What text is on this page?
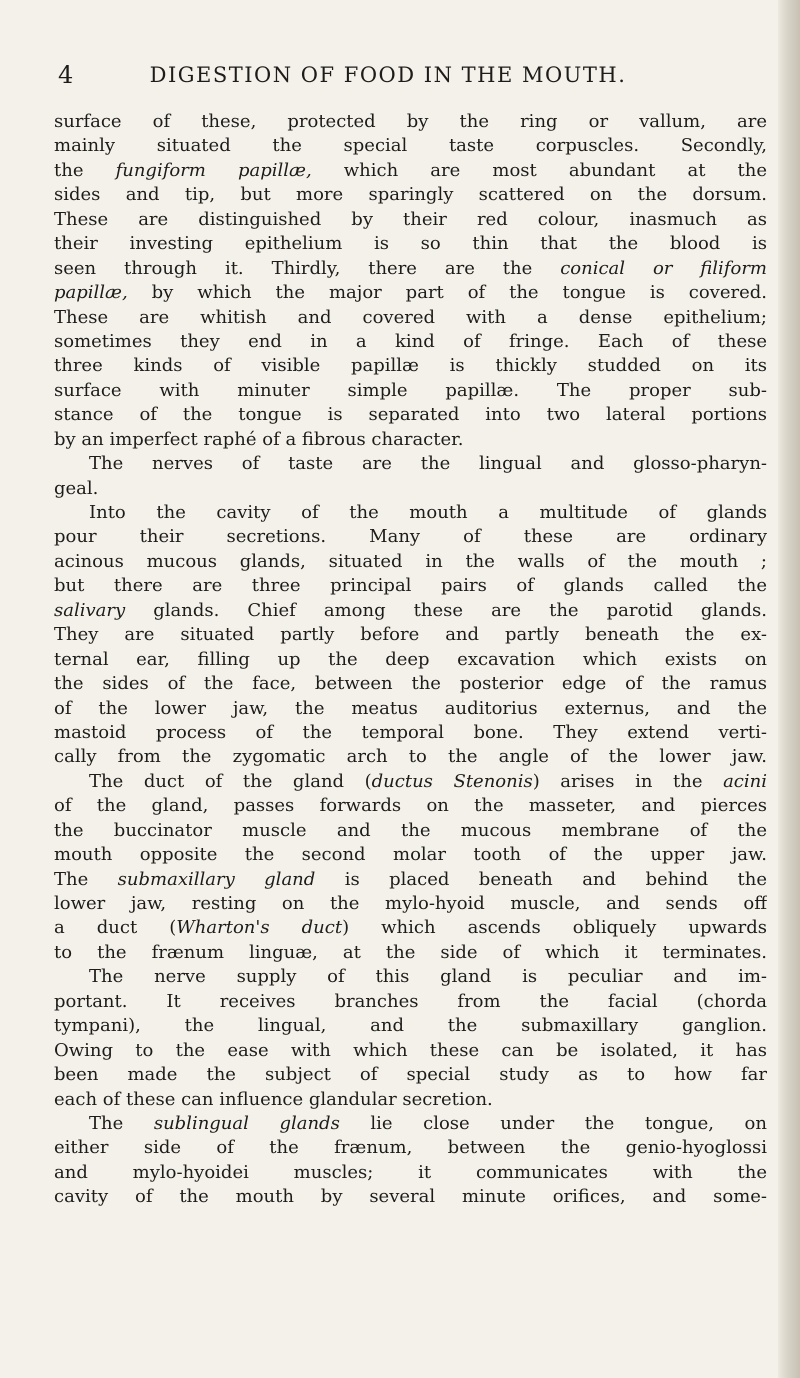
4	DIGESTION OF FOOD IN THE MOUTH.
surface of these, protected by the ring or vallum, are
mainly situated the special taste corpuscles. Secondly,
the fungiform papillæ, which are most abundant at the
sides and tip, but more sparingly scattered on the dorsum.
These are distinguished by their red colour, inasmuch as
their investing epithelium is so thin that the blood is
seen through it. Thirdly, there are the conical or filiform
papillæ, by which the major part of the tongue is covered.
These are whitish and covered with a dense epithelium;
sometimes they end in a kind of fringe. Each of these
three kinds of visible papillæ is thickly studded on its
surface with minuter simple papillæ. The proper sub-
stance of the tongue is separated into two lateral portions
by an imperfect raphé of a fibrous character.
The nerves of taste are the lingual and glosso-pharyn-
geal.
Into the cavity of the mouth a multitude of glands
pour their secretions. Many of these are ordinary
acinous mucous glands, situated in the walls of the mouth ;
but there are three principal pairs of glands called the
salivary glands. Chief among these are the parotid glands.
They are situated partly before and partly beneath the ex-
ternal ear, filling up the deep excavation which exists on
the sides of the face, between the posterior edge of the ramus
of the lower jaw, the meatus auditorius externus, and the
mastoid process of the temporal bone. They extend verti-
cally from the zygomatic arch to the angle of the lower jaw.
The duct of the gland (ductus Stenonis) arises in the acini
of the gland, passes forwards on the masseter, and pierces
the buccinator muscle and the mucous membrane of the
mouth opposite the second molar tooth of the upper jaw.
The submaxillary gland is placed beneath and behind the
lower jaw, resting on the mylo-hyoid muscle, and sends off
a duct (Wharton's duct) which ascends obliquely upwards
to the frænum linguæ, at the side of which it terminates.
The nerve supply of this gland is peculiar and im-
portant. It receives branches from the facial (chorda
tympani), the lingual, and the submaxillary ganglion.
Owing to the ease with which these can be isolated, it has
been made the subject of special study as to how far
each of these can influence glandular secretion.
The sublingual glands lie close under the tongue, on
either side of the frænum, between the genio-hyoglossi
and mylo-hyoidei muscles; it communicates with the
cavity of the mouth by several minute orifices, and some-
